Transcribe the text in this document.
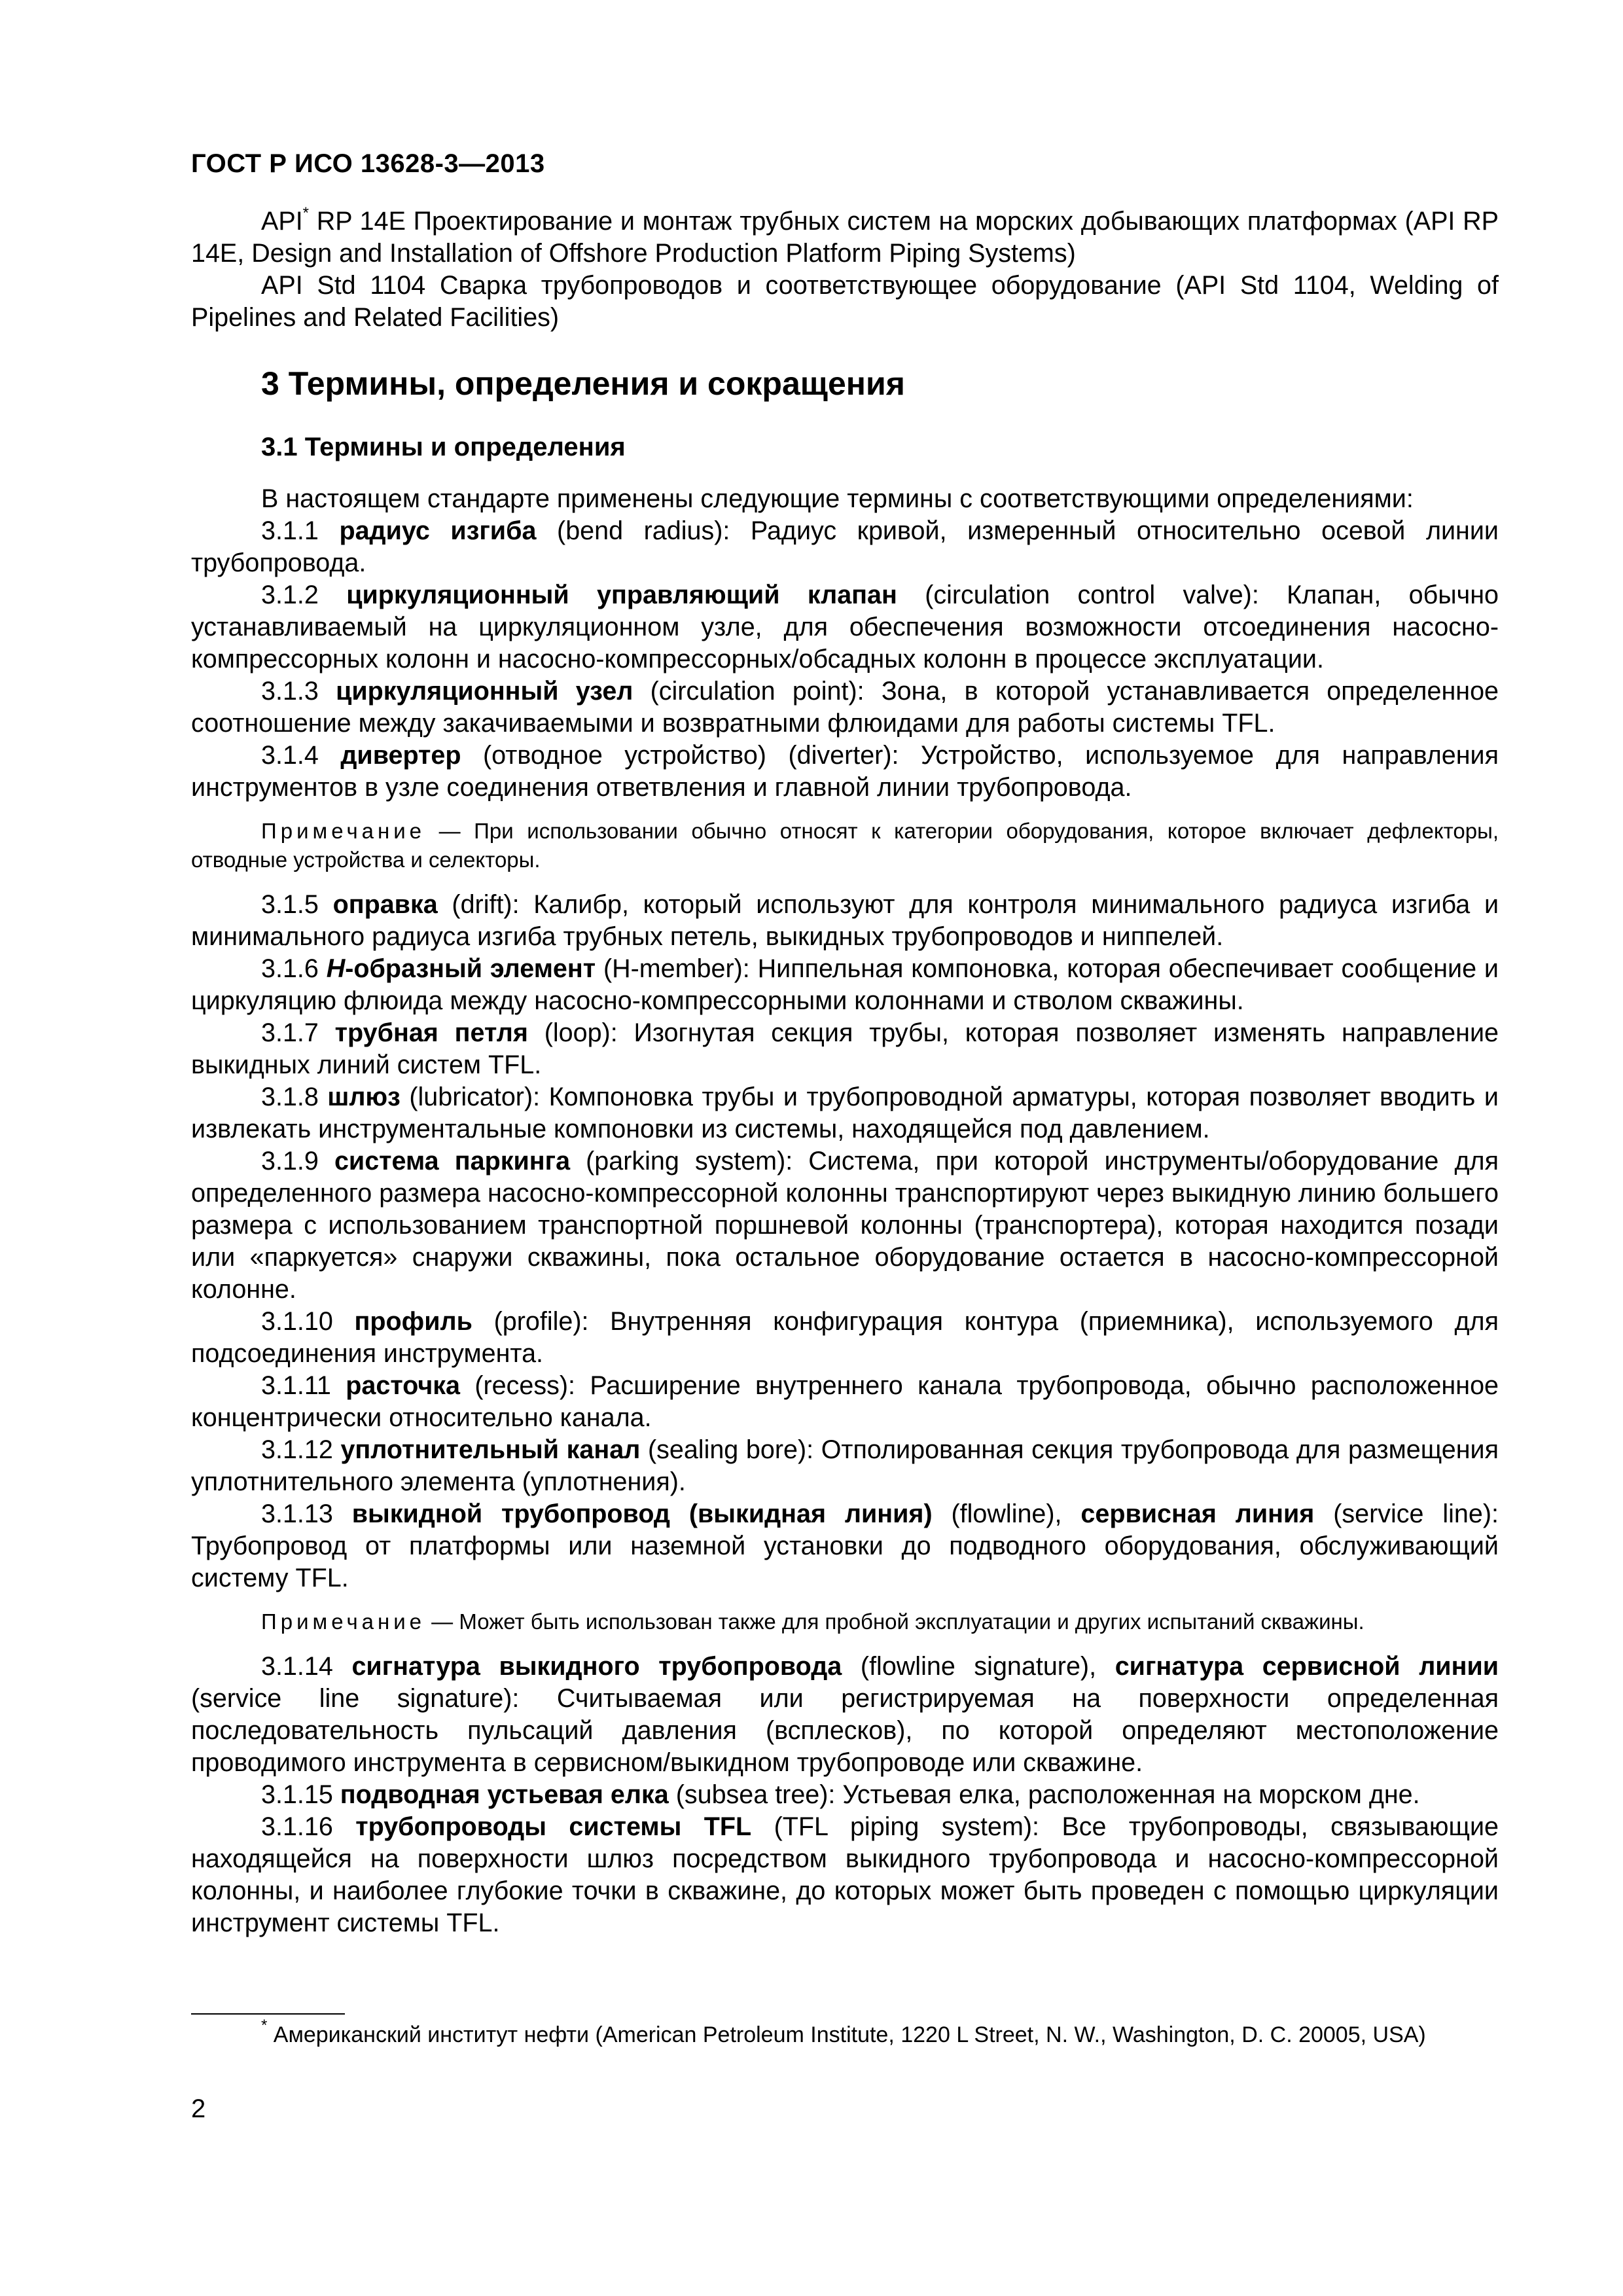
ГОСТ Р ИСО 13628-3—2013

API* RP 14E Проектирование и монтаж трубных систем на морских добывающих платформах (API RP 14E, Design and Installation of Offshore Production Platform Piping Systems)

API Std 1104 Сварка трубопроводов и соответствующее оборудование (API Std 1104, Welding of Pipelines and Related Facilities)

3 Термины, определения и сокращения
3.1 Термины и определения

В настоящем стандарте применены следующие термины с соответствующими определениями:

3.1.1 радиус изгиба (bend radius): Радиус кривой, измеренный относительно осевой линии трубопровода.

3.1.2 циркуляционный управляющий клапан (circulation control valve): Клапан, обычно устанавливаемый на циркуляционном узле, для обеспечения возможности отсоединения насосно-компрессорных колонн и насосно-компрессорных/обсадных колонн в процессе эксплуатации.

3.1.3 циркуляционный узел (circulation point): Зона, в которой устанавливается определенное соотношение между закачиваемыми и возвратными флюидами для работы системы TFL.

3.1.4 дивертер (отводное устройство) (diverter): Устройство, используемое для направления инструментов в узле соединения ответвления и главной линии трубопровода.

Примечание — При использовании обычно относят к категории оборудования, которое включает дефлекторы, отводные устройства и селекторы.

3.1.5 оправка (drift): Калибр, который используют для контроля минимального радиуса изгиба и минимального радиуса изгиба трубных петель, выкидных трубопроводов и ниппелей.

3.1.6 Н-образный элемент (H-member): Ниппельная компоновка, которая обеспечивает сообщение и циркуляцию флюида между насосно-компрессорными колоннами и стволом скважины.

3.1.7 трубная петля (loop): Изогнутая секция трубы, которая позволяет изменять направление выкидных линий систем TFL.

3.1.8 шлюз (lubricator): Компоновка трубы и трубопроводной арматуры, которая позволяет вводить и извлекать инструментальные компоновки из системы, находящейся под давлением.

3.1.9 система паркинга (parking system): Система, при которой инструменты/оборудование для определенного размера насосно-компрессорной колонны транспортируют через выкидную линию большего размера с использованием транспортной поршневой колонны (транспортера), которая находится позади или «паркуется» снаружи скважины, пока остальное оборудование остается в насосно-компрессорной колонне.

3.1.10 профиль (profile): Внутренняя конфигурация контура (приемника), используемого для подсоединения инструмента.

3.1.11 расточка (recess): Расширение внутреннего канала трубопровода, обычно расположенное концентрически относительно канала.

3.1.12 уплотнительный канал (sealing bore): Отполированная секция трубопровода для размещения уплотнительного элемента (уплотнения).

3.1.13 выкидной трубопровод (выкидная линия) (flowline), сервисная линия (service line): Трубопровод от платформы или наземной установки до подводного оборудования, обслуживающий систему TFL.

Примечание — Может быть использован также для пробной эксплуатации и других испытаний скважины.

3.1.14 сигнатура выкидного трубопровода (flowline signature), сигнатура сервисной линии (service line signature): Считываемая или регистрируемая на поверхности определенная последовательность пульсаций давления (всплесков), по которой определяют местоположение проводимого инструмента в сервисном/выкидном трубопроводе или скважине.

3.1.15 подводная устьевая елка (subsea tree): Устьевая елка, расположенная на морском дне.

3.1.16 трубопроводы системы TFL (TFL piping system): Все трубопроводы, связывающие находящейся на поверхности шлюз посредством выкидного трубопровода и насосно-компрессорной колонны, и наиболее глубокие точки в скважине, до которых может быть проведен с помощью циркуляции инструмент системы TFL.

* Американский институт нефти (American Petroleum Institute, 1220 L Street, N. W., Washington, D. C. 20005, USA)
2
